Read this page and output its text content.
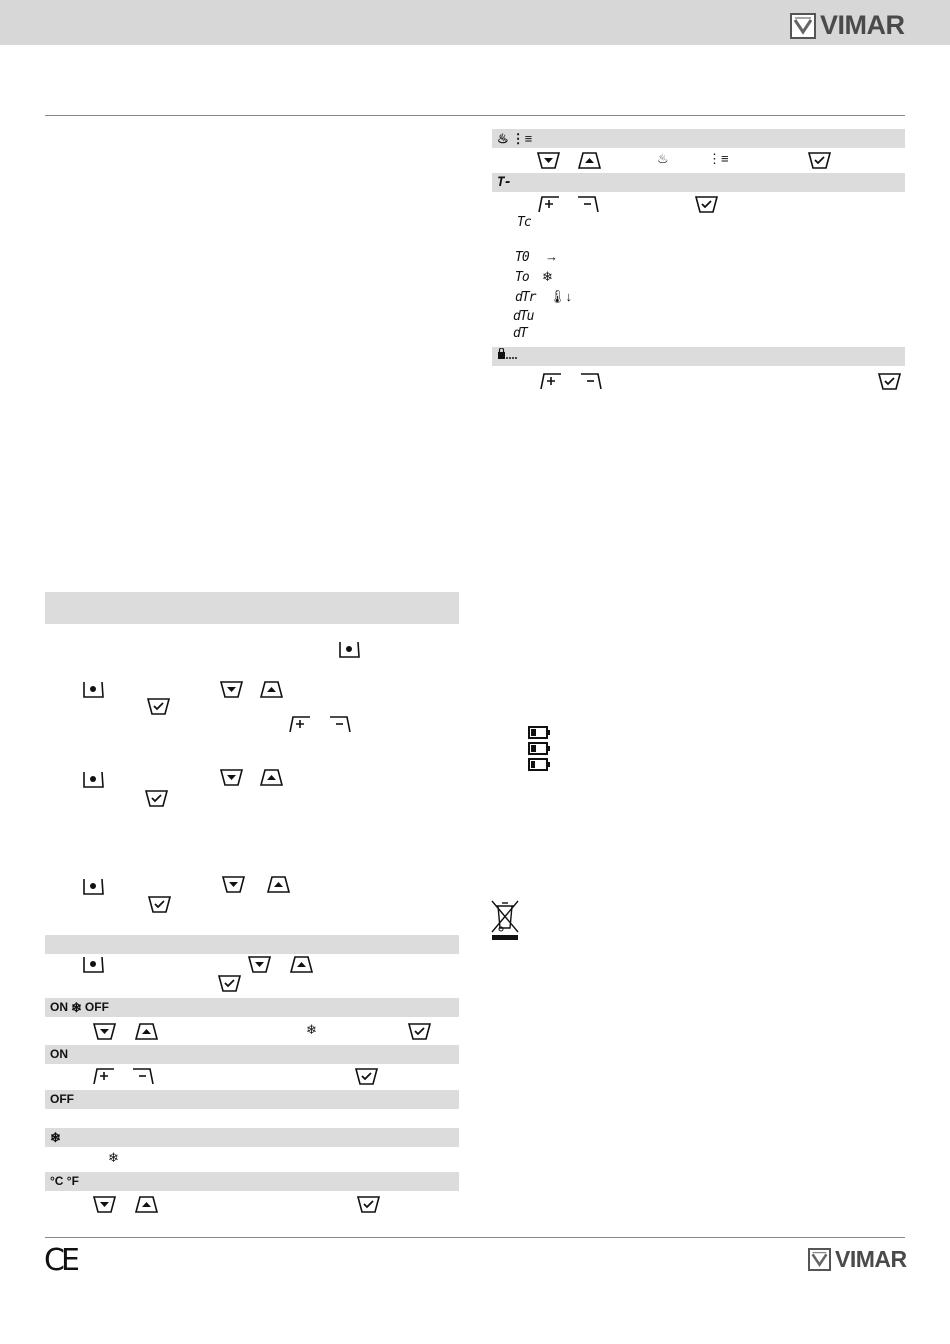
VIMAR
ON ❄ OFF
❄
ON
OFF
❄
❄
°C °F
♨ ⋮≡
♨	⋮≡
T-
Tc
T0 →
To ❄
dTr 🌡↓
dTu
dT
CE	VIMAR
